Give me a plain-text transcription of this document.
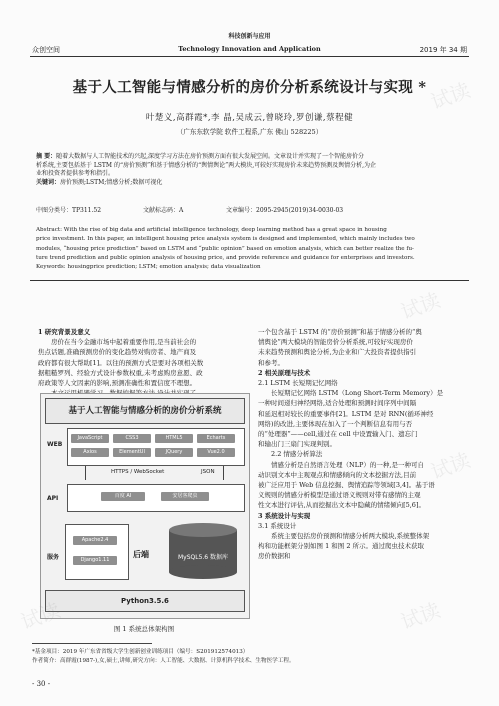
科技创新与应用
众创空间	Technology Innovation and Application	2019 年 34 期
基于人工智能与情感分析的房价分析系统设计与实现 *
叶楚义,高群霞*,李 晶,吴成云,曾晓玲,罗创谦,蔡程健
（广东东软学院 软件工程系,广东 佛山 528225）
摘 要：随着大数据与人工智能技术的兴起,深度学习方法在房价预测方面有很大发展空间。文章设计并实现了一个智能房价分
析系统,主要包括基于 LSTM 的“房价预测”和基于情感分析的“舆情舆论”两大模块,可较好实现房价未来趋势预测及舆情分析,为企
业和投资者提供参考和指引。
关键词：房价预测;LSTM;情感分析;数据可视化
中图分类号：TP311.52	文献标志码：A	文章编号：2095-2945(2019)34-0030-03
Abstract: With the rise of big data and artificial intelligence technology, deep learning method has a great space in housing
price investment. In this paper, an intelligent housing price analysis system is designed and implemented, which mainly includes two
modules, “housing price prediction” based on LSTM and “public opinion” based on emotion analysis, which can better realize the fu-
ture trend prediction and public opinion analysis of housing price, and provide reference and guidance for enterprises and investors.
Keywords: housingprice prediction; LSTM; emotion analysis; data visualization
1 研究背景及意义
房价在当今金融市场中起着重要作用,是当前社会的
焦点话题,准确预测房价的变化趋势对购房者、地产商及
政府都有很大帮助[1]。以往的预测方式是要对各项相关数
据粗糙罗列、经验方式设计参数权重,未考虑购房意愿、政
府政策等人文因素的影响,预测准确性和置信度不理想。
基于人工智能与情感分析的房价分析系统
WEB
JavaScript	CSS3	HTML5	Echarts
Axios	ElementUI	JQuery	Vue2.0
HTTPS / WebSocket	JSON
API	百度 AI	安居客爬虫
服务
Apache2.4
Django1.11
后端	MySQL5.6 数据库
Python3.5.6
图 1 系统总体架构图
一个包含基于 LSTM 的“房价预测”和基于情感分析的“舆
情舆论”两大模块的智能房价分析系统,可较好实现房价
未来趋势预测和舆论分析,为企业和广大投资者提供指引
和参考。
2 相关原理与技术
2.1 LSTM 长短期记忆网络
长短期记忆网络 LSTM（Long Short-Term Memory）是
一种时间递归神经网络,适合处理和预测时间序列中间隔
和延迟相对较长的重要事件[2]。LSTM 是对 RNN(循环神经
网络)的改进,主要体现在加入了一个判断信息有用与否
的“处理器”——cell,通过在 cell 中设置输入门、遗忘门
和输出门三扇门实现判别。
2.2 情感分析算法
情感分析是自然语言处理（NLP）的一种,是一种可自
动识别文本中主观观点和情感倾向的文本挖掘方法,目前
被广泛应用于 Web 信息挖掘、舆情追踪等领域[3,4]。基于语
义规则的情感分析模型是通过语义规则对带有感情的主观
性文本进行评估,从而挖掘出文本中隐藏的情绪倾向[5,6]。
3 系统设计与实现
3.1 系统设计
系统主要包括房价预测和情感分析两大模块,系统整体架
构和功能框架分别如图 1 和图 2 所示。通过爬虫技术获取
房价数据和
*基金项目：2019 年广东省省级大学生创新创业训练项目（编号：S201912574013）
作者简介：高群霞(1987-),女,硕士,讲师,研究方向：人工智能、大数据、计算机科学技术、生物医学工程。
- 30 -
试读
试读
试读
试读
试读
